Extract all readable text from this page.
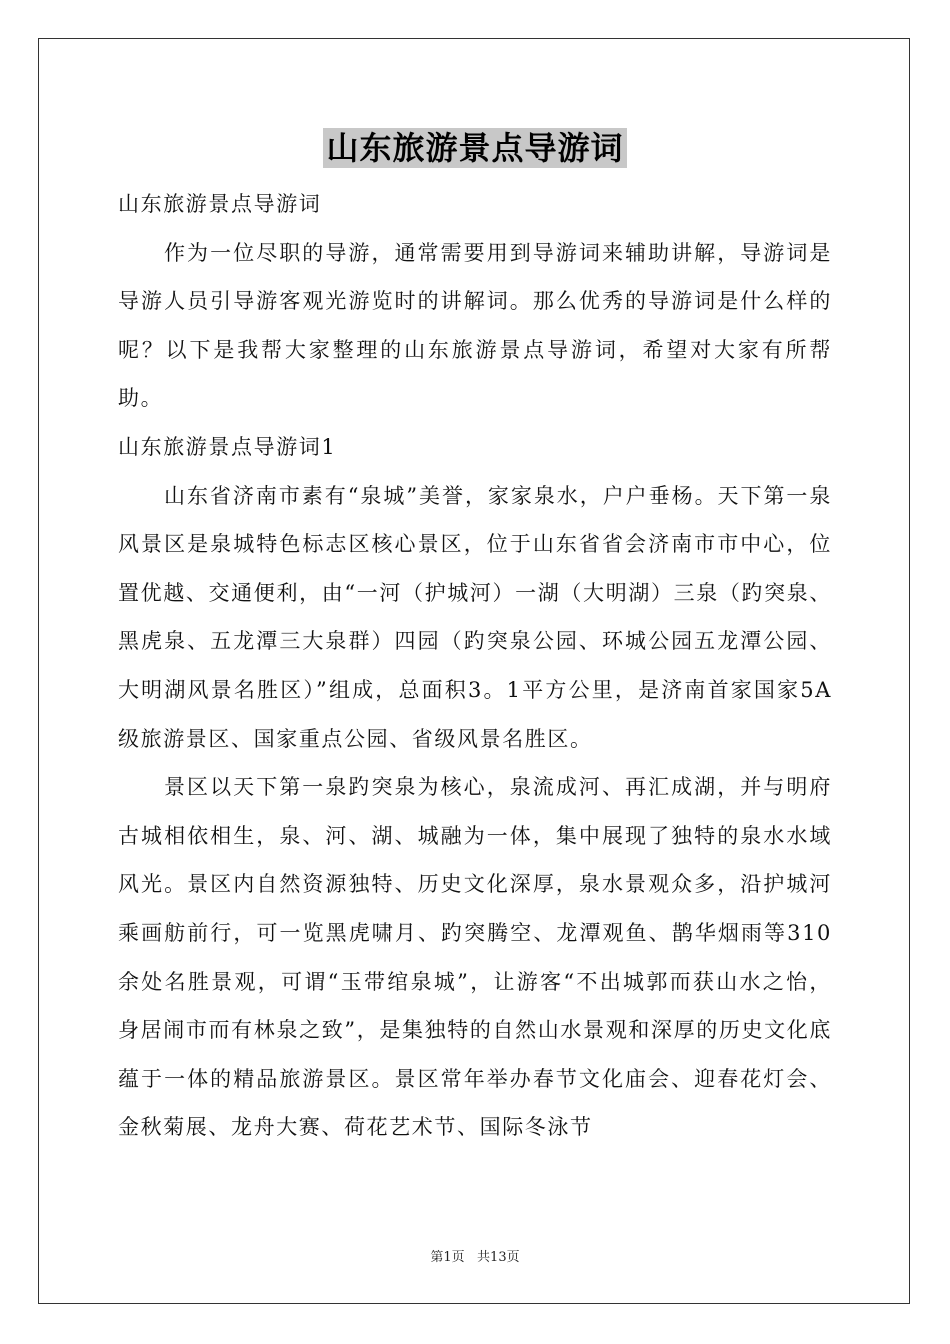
山东旅游景点导游词

山东旅游景点导游词

作为一位尽职的导游，通常需要用到导游词来辅助讲解，导游词是导游人员引导游客观光游览时的讲解词。那么优秀的导游词是什么样的呢？以下是我帮大家整理的山东旅游景点导游词，希望对大家有所帮助。

山东旅游景点导游词1

山东省济南市素有“泉城”美誉，家家泉水，户户垂杨。天下第一泉风景区是泉城特色标志区核心景区，位于山东省省会济南市市中心，位置优越、交通便利，由“一河（护城河）一湖（大明湖）三泉（趵突泉、黑虎泉、五龙潭三大泉群）四园（趵突泉公园、环城公园五龙潭公园、大明湖风景名胜区）”组成，总面积3。1平方公里，是济南首家国家5A级旅游景区、国家重点公园、省级风景名胜区。

景区以天下第一泉趵突泉为核心，泉流成河、再汇成湖，并与明府古城相依相生，泉、河、湖、城融为一体，集中展现了独特的泉水水域风光。景区内自然资源独特、历史文化深厚，泉水景观众多，沿护城河乘画舫前行，可一览黑虎啸月、趵突腾空、龙潭观鱼、鹊华烟雨等310余处名胜景观，可谓“玉带绾泉城”，让游客“不出城郭而获山水之怡，身居闹市而有林泉之致”，是集独特的自然山水景观和深厚的历史文化底蕴于一体的精品旅游景区。景区常年举办春节文化庙会、迎春花灯会、金秋菊展、龙舟大赛、荷花艺术节、国际冬泳节

第1页   共13页
